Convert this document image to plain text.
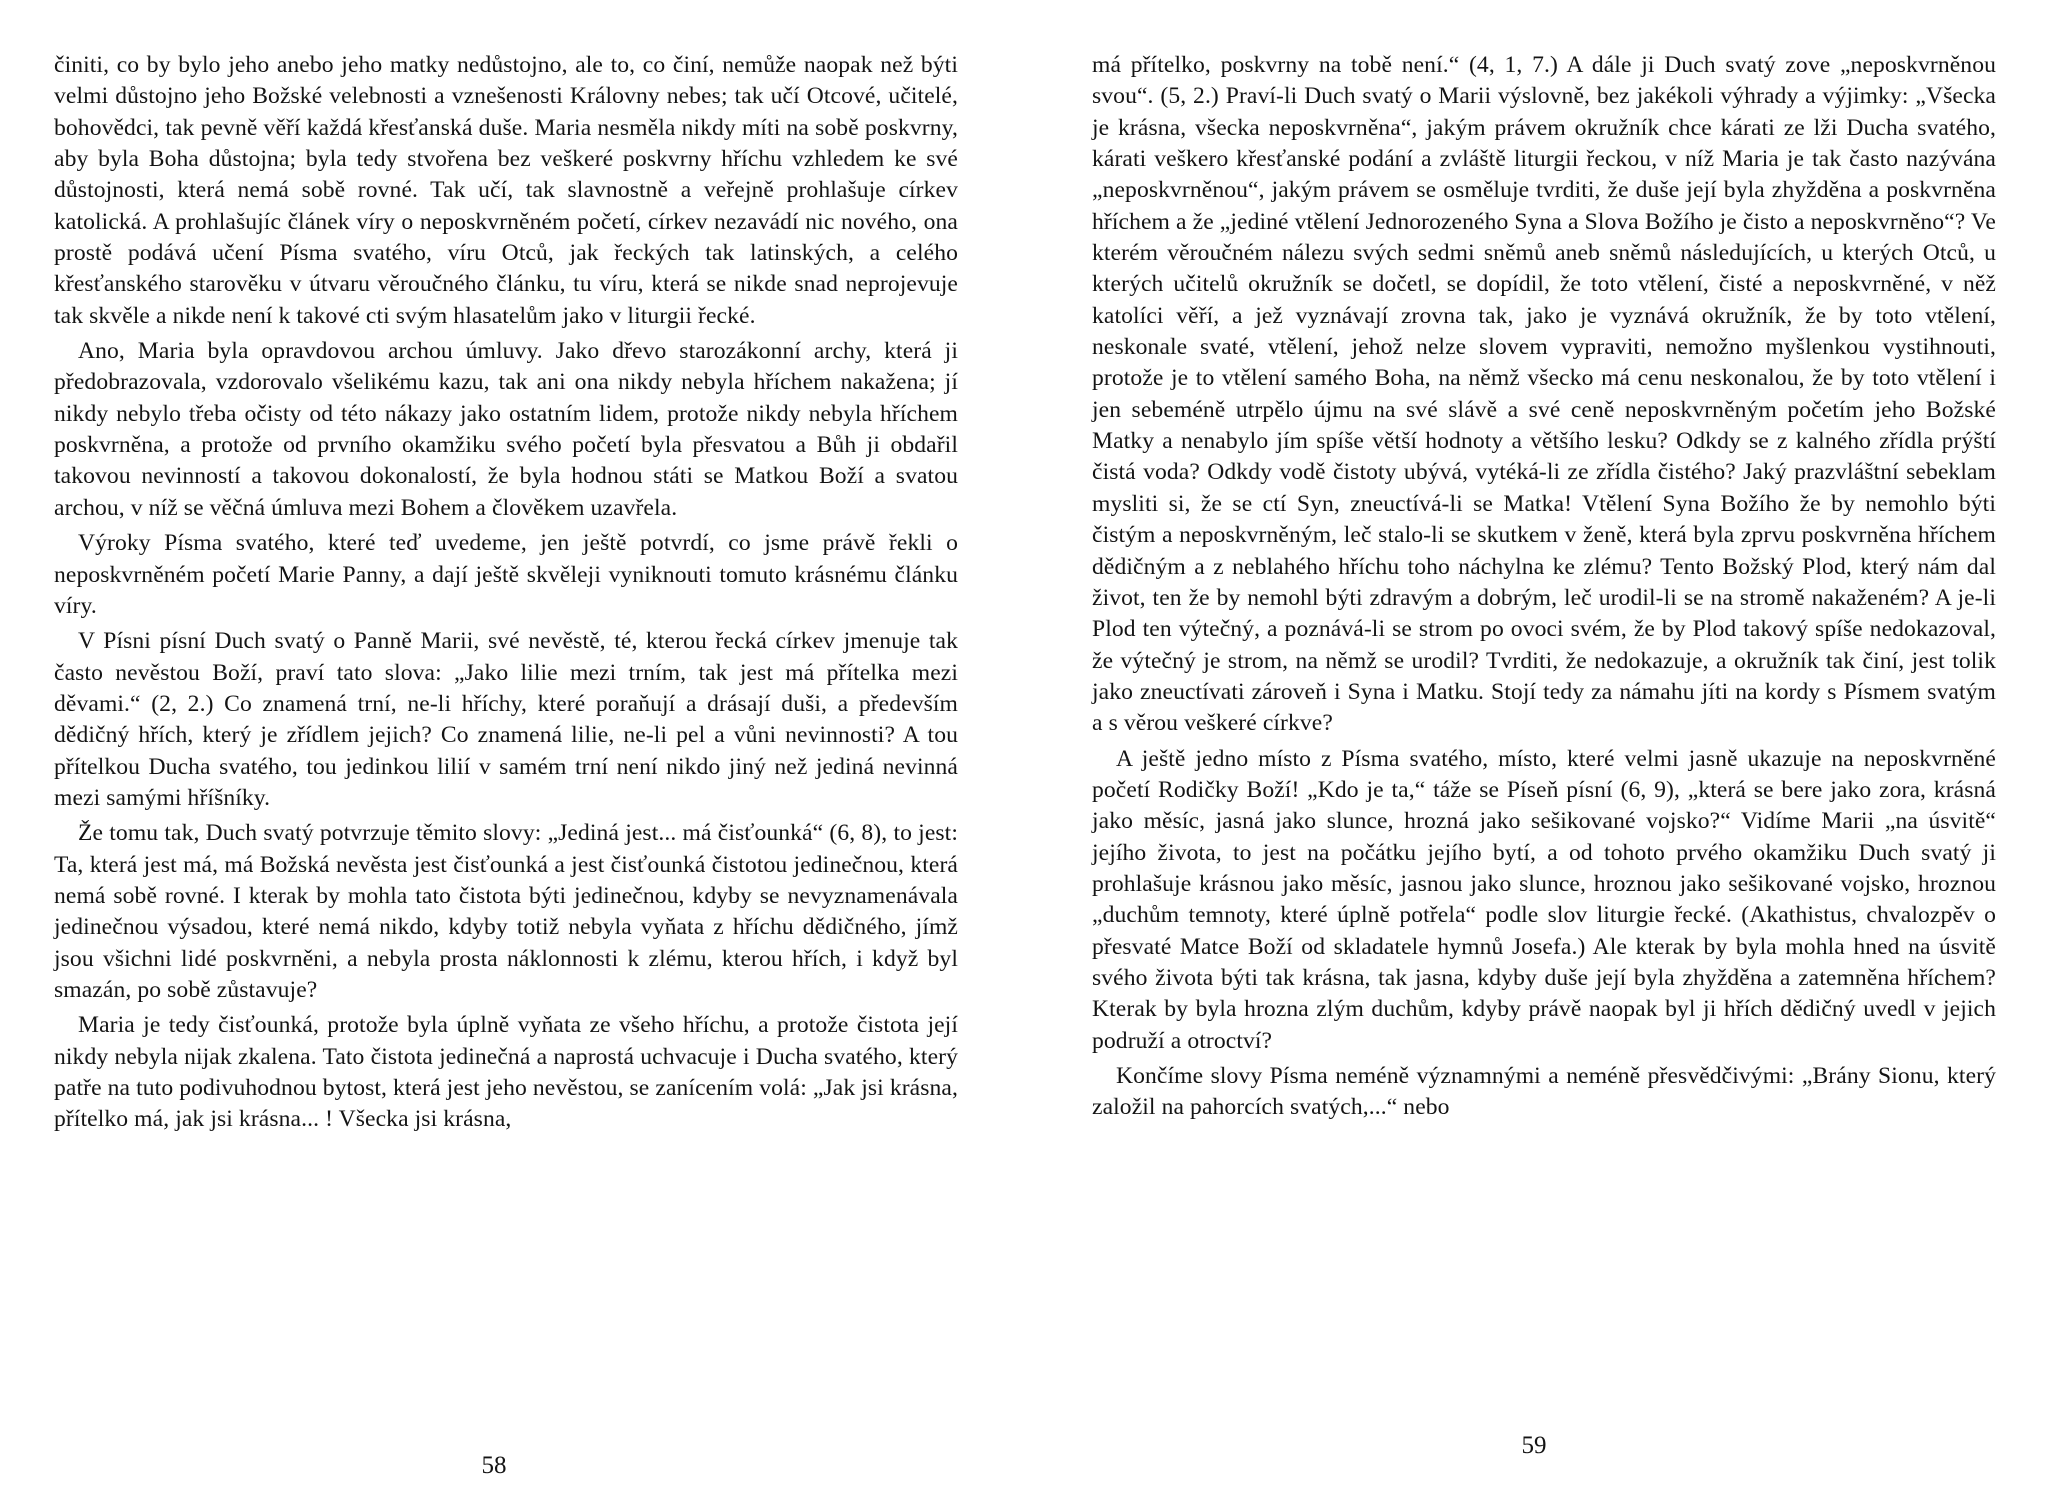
činiti, co by bylo jeho anebo jeho matky nedůstojno, ale to, co činí, nemůže naopak než býti velmi důstojno jeho Božské velebnosti a vznešenosti Královny nebes; tak učí Otcové, učitelé, bohovědci, tak pevně věří každá křesťanská duše. Maria nesměla nikdy míti na sobě poskvrny, aby byla Boha důstojna; byla tedy stvořena bez veškeré poskvrny hříchu vzhledem ke své důstojnosti, která nemá sobě rovné. Tak učí, tak slavnostně a veřejně prohlašuje církev katolická. A prohlašujíc článek víry o neposkvrněném početí, církev nezavádí nic nového, ona prostě podává učení Písma svatého, víru Otců, jak řeckých tak latinských, a celého křesťanského starověku v útvaru věroučného článku, tu víru, která se nikde snad neprojevuje tak skvěle a nikde není k takové cti svým hlasatelům jako v liturgii řecké.

Ano, Maria byla opravdovou archou úmluvy. Jako dřevo starozákonní archy, která ji předobrazovala, vzdorovalo všelikému kazu, tak ani ona nikdy nebyla hříchem nakažena; jí nikdy nebylo třeba očisty od této nákazy jako ostatním lidem, protože nikdy nebyla hříchem poskvrněna, a protože od prvního okamžiku svého početí byla přesvatou a Bůh ji obdařil takovou nevinností a takovou dokonalostí, že byla hodnou státi se Matkou Boží a svatou archou, v níž se věčná úmluva mezi Bohem a člověkem uzavřela.

Výroky Písma svatého, které teď uvedeme, jen ještě potvrdí, co jsme právě řekli o neposkvrněném početí Marie Panny, a dají ještě skvěleji vyniknouti tomuto krásnému článku víry.

V Písni písní Duch svatý o Panně Marii, své nevěstě, té, kterou řecká církev jmenuje tak často nevěstou Boží, praví tato slova: „Jako lilie mezi trním, tak jest má přítelka mezi děvami.“ (2, 2.) Co znamená trní, ne-li hříchy, které poraňují a drásají duši, a především dědičný hřích, který je zřídlem jejich? Co znamená lilie, ne-li pel a vůni nevinnosti? A tou přítelkou Ducha svatého, tou jedinkou lilií v samém trní není nikdo jiný než jediná nevinná mezi samými hříšníky.

Že tomu tak, Duch svatý potvrzuje těmito slovy: „Jediná jest... má čisťounká“ (6, 8), to jest: Ta, která jest má, má Božská nevěsta jest čisťounká a jest čisťounká čistotou jedinečnou, která nemá sobě rovné. I kterak by mohla tato čistota býti jedinečnou, kdyby se nevyznamenávala jedinečnou výsadou, které nemá nikdo, kdyby totiž nebyla vyňata z hříchu dědičného, jímž jsou všichni lidé poskvrněni, a nebyla prosta náklonnosti k zlému, kterou hřích, i když byl smazán, po sobě zůstavuje?

Maria je tedy čisťounká, protože byla úplně vyňata ze všeho hříchu, a protože čistota její nikdy nebyla nijak zkalena. Tato čistota jedinečná a naprostá uchvacuje i Ducha svatého, který patře na tuto podivuhodnou bytost, která jest jeho nevěstou, se zanícením volá: „Jak jsi krásna, přítelko má, jak jsi krásna... ! Všecka jsi krásna,

58

má přítelko, poskvrny na tobě není.“ (4, 1, 7.) A dále ji Duch svatý zove „neposkvrněnou svou“. (5, 2.) Praví-li Duch svatý o Marii výslovně, bez jakékoli výhrady a výjimky: „Všecka je krásna, všecka neposkvrněna“, jakým právem okružník chce kárati ze lži Ducha svatého, kárati veškero křesťanské podání a zvláště liturgii řeckou, v níž Maria je tak často nazývána „neposkvrněnou“, jakým právem se osměluje tvrditi, že duše její byla zhyžděna a poskvrněna hříchem a že „jediné vtělení Jednorozeného Syna a Slova Božího je čisto a neposkvrněno“? Ve kterém věroučném nálezu svých sedmi sněmů aneb sněmů následujících, u kterých Otců, u kterých učitelů okružník se dočetl, se dopídil, že toto vtělení, čisté a neposkvrněné, v něž katolíci věří, a jež vyznávají zrovna tak, jako je vyznává okružník, že by toto vtělení, neskonale svaté, vtělení, jehož nelze slovem vypraviti, nemožno myšlenkou vystihnouti, protože je to vtělení samého Boha, na němž všecko má cenu neskonalou, že by toto vtělení i jen sebeméně utrpělo újmu na své slávě a své ceně neposkvrněným početím jeho Božské Matky a nenabylo jím spíše větší hodnoty a většího lesku? Odkdy se z kalného zřídla prýští čistá voda? Odkdy vodě čistoty ubývá, vytéká-li ze zřídla čistého? Jaký prazvláštní sebeklam mysliti si, že se ctí Syn, zneuctívá-li se Matka! Vtělení Syna Božího že by nemohlo býti čistým a neposkvrněným, leč stalo-li se skutkem v ženě, která byla zprvu poskvrněna hříchem dědičným a z neblahého hříchu toho náchylna ke zlému? Tento Božský Plod, který nám dal život, ten že by nemohl býti zdravým a dobrým, leč urodil-li se na stromě nakaženém? A je-li Plod ten výtečný, a poznává-li se strom po ovoci svém, že by Plod takový spíše nedokazoval, že výtečný je strom, na němž se urodil? Tvrditi, že nedokazuje, a okružník tak činí, jest tolik jako zneuctívati zároveň i Syna i Matku. Stojí tedy za námahu jíti na kordy s Písmem svatým a s věrou veškeré církve?

A ještě jedno místo z Písma svatého, místo, které velmi jasně ukazuje na neposkvrněné početí Rodičky Boží! „Kdo je ta,“ táže se Píseň písní (6, 9), „která se bere jako zora, krásná jako měsíc, jasná jako slunce, hrozná jako sešikované vojsko?“ Vidíme Marii „na úsvitě“ jejího života, to jest na počátku jejího bytí, a od tohoto prvého okamžiku Duch svatý ji prohlašuje krásnou jako měsíc, jasnou jako slunce, hroznou jako sešikované vojsko, hroznou „duchům temnoty, které úplně potřela“ podle slov liturgie řecké. (Akathistus, chvalozpěv o přesvaté Matce Boží od skladatele hymnů Josefa.) Ale kterak by byla mohla hned na úsvitě svého života býti tak krásna, tak jasna, kdyby duše její byla zhyžděna a zatemněna hříchem? Kterak by byla hrozna zlým duchům, kdyby právě naopak byl ji hřích dědičný uvedl v jejich podruží a otroctví?

Končíme slovy Písma neméně významnými a neméně přesvědčivými: „Brány Sionu, který založil na pahorcích svatých,...“ nebo

59
